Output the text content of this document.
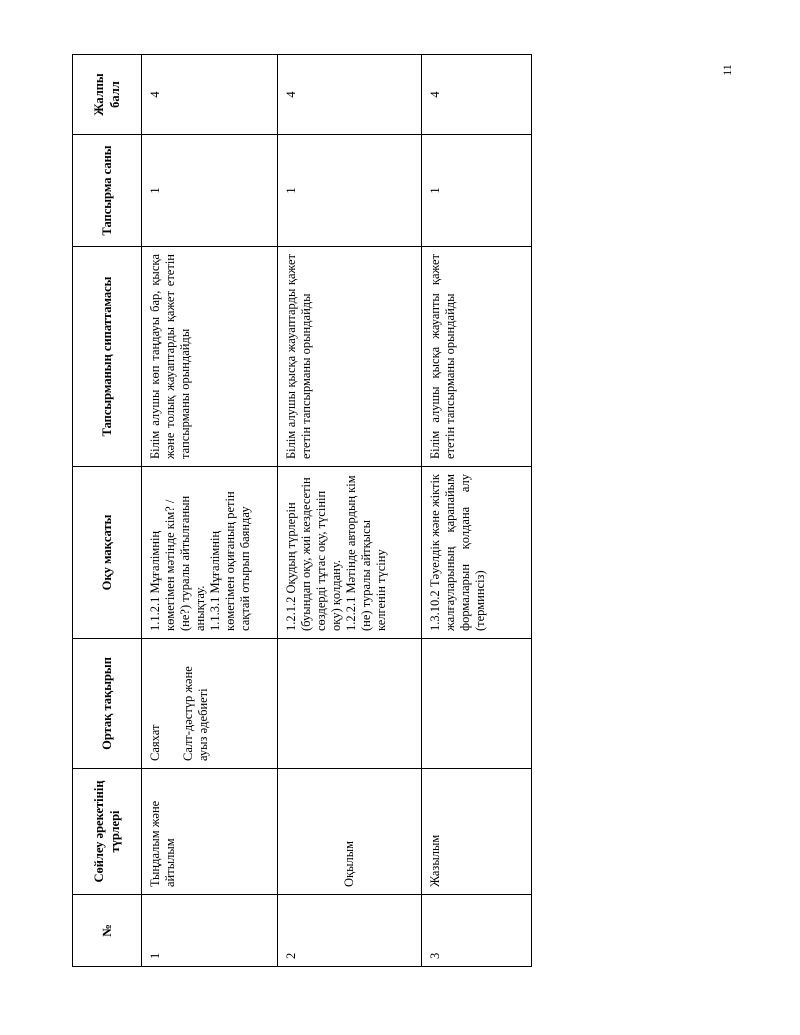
11
№	Сөйлеу әрекетінің түрлері	Ортақ тақырып	Оқу мақсаты	Тапсырманың сипаттамасы	Тапсырма саны	Жалпы балл
1	Тыңдалым және айтылым	Саяхат Салт-дәстүр және ауыз әдебиеті	1.1.2.1 Мұғалімнің көмегімен мәтінде кім? / (не?) туралы айтылғанын анықтау. 1.1.3.1 Мұғалімнің көмегімен оқиғаның ретін сақтай отырып баяндау	Білім алушы көп таңдауы бар, қысқа және толық жауаптарды қажет ететін тапсырманы орындайды	1	4
2	Оқылым		1.2.1.2 Оқудың түрлерін (буындап оқу, жиі кездесетін сөздерді тұтас оқу, түсініп оқу) қолдану. 1.2.2.1 Мәтінде автордың кім (не) туралы айтқысы келгенін түсіну	Білім алушы қысқа жауаптарды қажет ететін тапсырманы орындайды	1	4
3	Жазылым		1.3.10.2 Тәуелдік және жіктік жалғауларының қарапайым формаларын қолдана алу (терминсіз)	Білім алушы қысқа жауапты қажет ететін тапсырманы орындайды	1	4
